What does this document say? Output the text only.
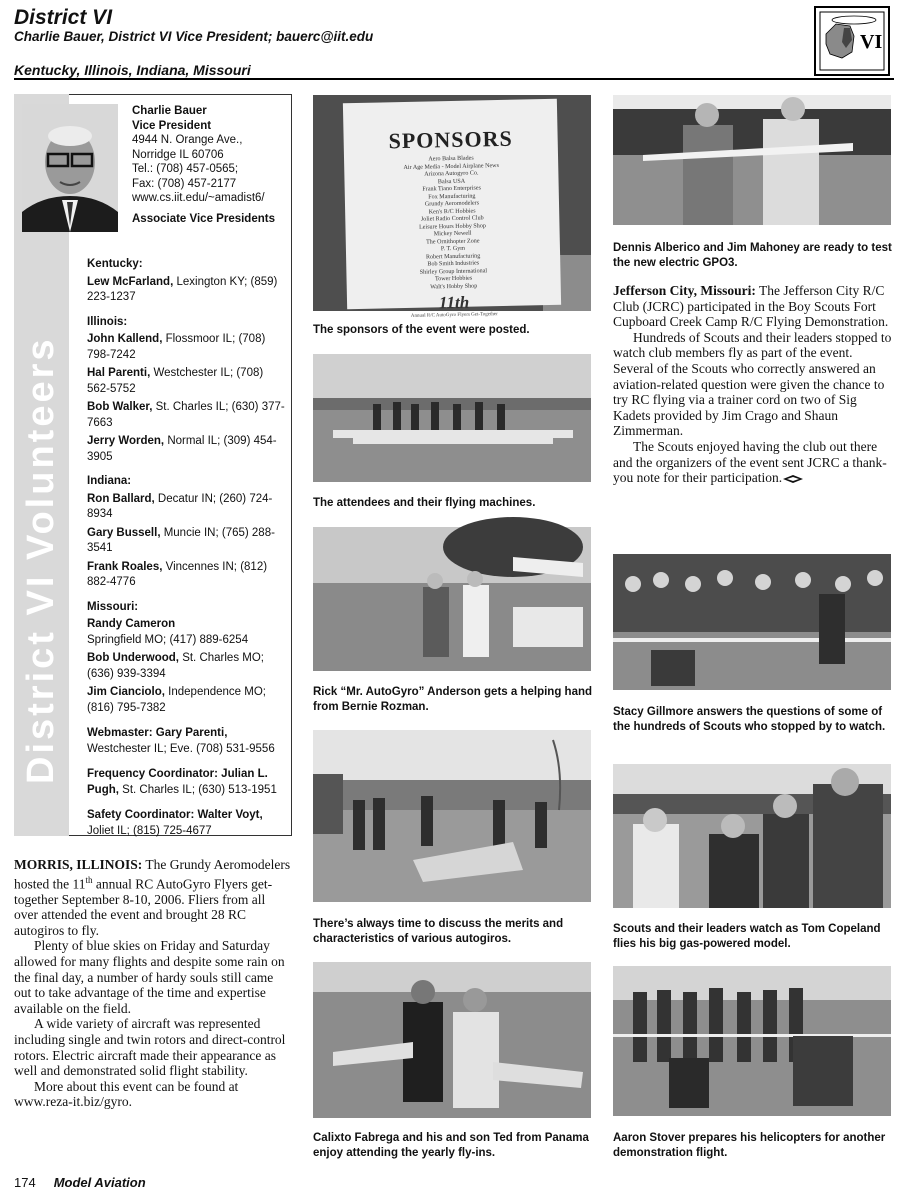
District VI
Charlie Bauer, District VI Vice President; bauerc@iit.edu
Kentucky, Illinois, Indiana, Missouri
VI
District VI Volunteers
Charlie Bauer
Vice President
4944 N. Orange Ave.,
Norridge IL 60706
Tel.: (708) 457-0565;
Fax: (708) 457-2177
www.cs.iit.edu/~amadist6/
Associate Vice Presidents
Kentucky:
Lew McFarland, Lexington KY; (859) 223-1237
Illinois:
John Kallend, Flossmoor IL; (708) 798-7242
Hal Parenti, Westchester IL; (708) 562-5752
Bob Walker, St. Charles IL; (630) 377-7663
Jerry Worden, Normal IL; (309) 454-3905
Indiana:
Ron Ballard, Decatur IN; (260) 724-8934
Gary Bussell, Muncie IN; (765) 288-3541
Frank Roales, Vincennes IN; (812) 882-4776
Missouri:
Randy Cameron
Springfield MO; (417) 889-6254
Bob Underwood, St. Charles MO; (636) 939-3394
Jim Cianciolo, Independence MO; (816) 795-7382
Webmaster: Gary Parenti, Westchester IL; Eve. (708) 531-9556
Frequency Coordinator: Julian L. Pugh, St. Charles IL; (630) 513-1951
Safety Coordinator: Walter Voyt, Joliet IL; (815) 725-4677

MORRIS, ILLINOIS: The Grundy Aeromodelers hosted the 11th annual RC AutoGyro Flyers get-together September 8-10, 2006. Fliers from all over attended the event and brought 28 RC autogiros to fly.

Plenty of blue skies on Friday and Saturday allowed for many flights and despite some rain on the final day, a number of hardy souls still came out to take advantage of the time and expertise available on the field.

A wide variety of aircraft was represented including single and twin rotors and direct-control rotors. Electric aircraft made their appearance as well and demonstrated solid flight stability.

More about this event can be found at www.reza-it.biz/gyro.

SPONSORS
Aero Balsa Blades
Air Age Media - Model Airplane News
Arizona Autogyro Co.
Balsa USA
Frank Tiano Enterprises
Fox Manufacturing
Grundy Aeromodelers
Ken's R/C Hobbies
Joliet Radio Control Club
Leisure Hours Hobby Shop
Mickey Newell
The Ornithopter Zone
P. T. Gym
Robert Manufacturing
Bob Smith Industries
Shirley Group International
Tower Hobbies
Walt's Hobby Shop
11th
Annual R/C AutoGyro Flyers Get-Together
The sponsors of the event were posted.
The attendees and their flying machines.
Rick “Mr. AutoGyro” Anderson gets a helping hand from Bernie Rozman.
There’s always time to discuss the merits and characteristics of various autogiros.
Calixto Fabrega and his and son Ted from Panama enjoy attending the yearly fly-ins.
Dennis Alberico and Jim Mahoney are ready to test the new electric GPO3.

Jefferson City, Missouri: The Jefferson City R/C Club (JCRC) participated in the Boy Scouts Fort Cupboard Creek Camp R/C Flying Demonstration.

Hundreds of Scouts and their leaders stopped to watch club members fly as part of the event. Several of the Scouts who correctly answered an aviation-related question were given the chance to try RC flying via a trainer cord on two of Sig Kadets provided by Jim Crago and Shaun Zimmerman.

The Scouts enjoyed having the club out there and the organizers of the event sent JCRC a thank-you note for their participation.

Stacy Gillmore answers the questions of some of the hundreds of Scouts who stopped by to watch.
Scouts and their leaders watch as Tom Copeland flies his big gas-powered model.
Aaron Stover prepares his helicopters for another demonstration flight.
174 Model Aviation
